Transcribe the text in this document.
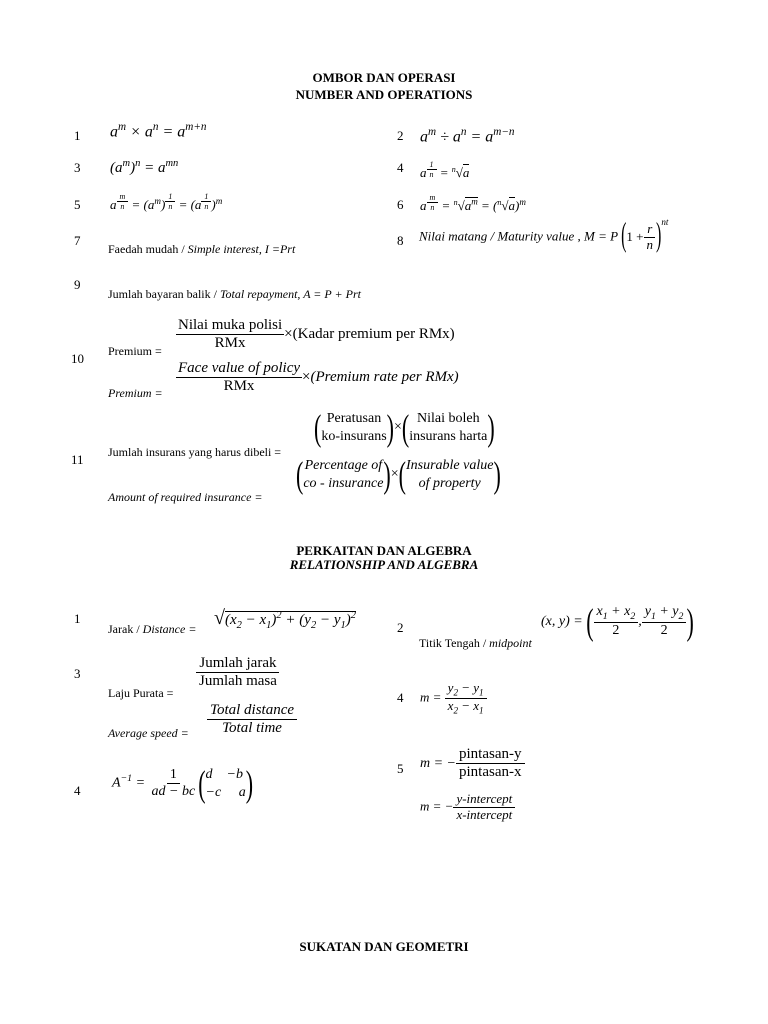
OMBOR DAN OPERASI
NUMBER AND OPERATIONS
1 $a^m \times a^n = a^{m+n}$
2 $a^m \div a^n = a^{m-n}$
3 $(a^m)^n = a^{mn}$	4 a $^{\frac{1}{n}}$ = $^n$√a
5 a $^{\frac{m}{n}} = (a^m) ^{\frac{1}{n}} = (a$ $^{\frac{1}{n}}$ )$^m$	6 a $^{\frac{m}{n}} = ^n√a^m = (^n√a)^m$
7
Faedah mudah / Simple interest, I =Prt
8 Nilai matang / Maturity value , M = P ( $1 + \frac{r}{n}$ ) $^{nt}$
9
Jumlah bayaran balik / Total repayment, A = P + Prt
10 Premium = $\frac{\text{Nilai muka polisi}}{\text{RMx}}$ ×(Kadar premium per RMx)
Premium = $\frac{\text{Face value of policy}}{\text{RMx}}$ ×(Premium rate per RMx)
11 Jumlah insurans yang harus dibeli =
( Peratusan
ko-insurans ) × ( Nilai boleh
insurans harta )
Amount of required insurance =
( Percentage of
co - insurance ) × ( Insurable value
of property )
PERKAITAN DAN ALGEBRA
RELATIONSHIP AND ALGEBRA
1
Jarak / Distance = $√(x_2 - x_1)^2 + (y_2 - y_1)^2$
2	(x, y) = ( $\frac{x_1 + x_2}{2}$ , $\frac{y_1 + y_2}{2}$ )
Titik Tengah / midpoint
3
Laju Purata =
$\frac{\text{Jumlah jarak}}{\text{Jumlah masa}}$
Average speed = $\frac{\text{Total distance}}{\text{Total time}}$
4 $m = \frac{y_2 - y_1}{x_2 - x_1}$
4 $A^{-1} = \frac{1}{ad - bc}$ ( d    −b
−c     a )	5 m = − $\frac{\text{pintasan-y}}{\text{pintasan-x}}$
m = − $\frac{\text{y-intercept}}{\text{x-intercept}}$
SUKATAN DAN GEOMETRI
